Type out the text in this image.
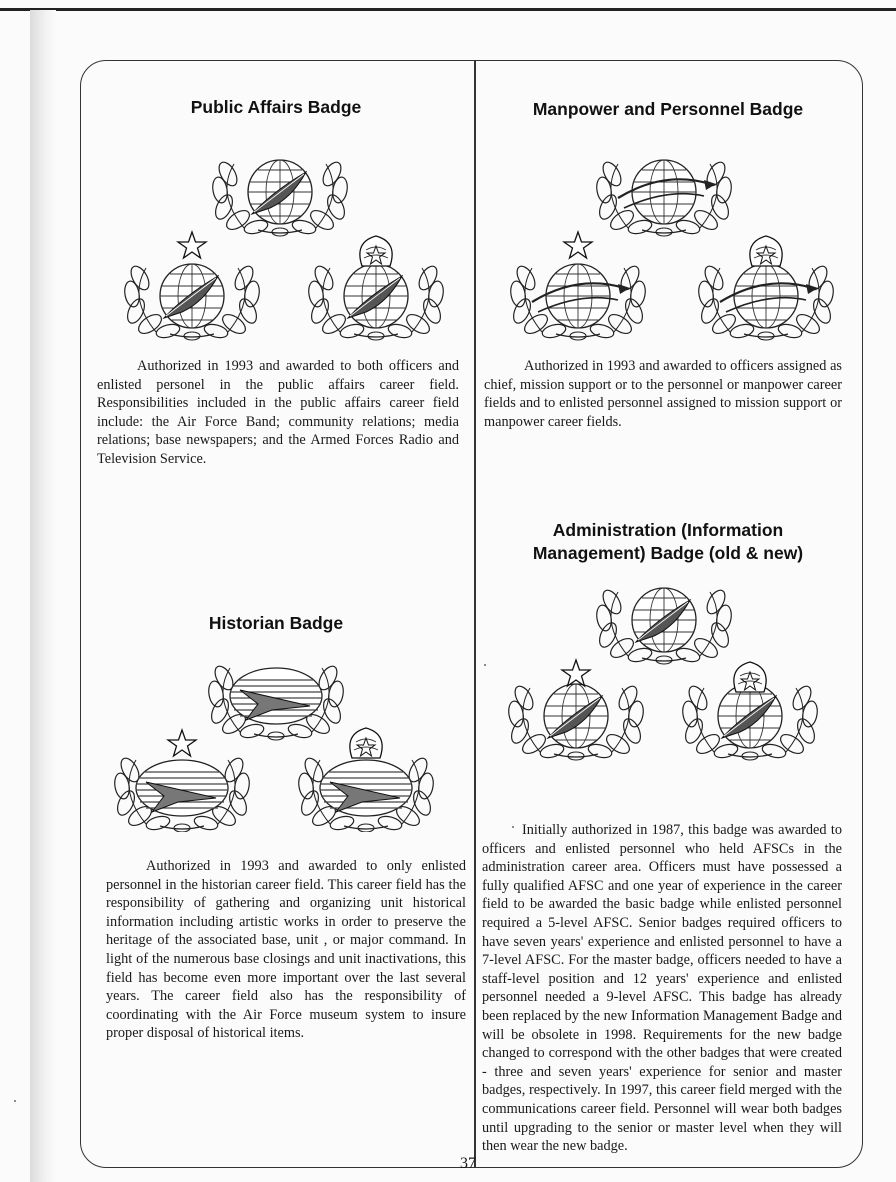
Public Affairs Badge

Authorized in 1993 and awarded to both officers and enlisted personel in the public affairs career field. Responsibilities included in the public affairs career field include: the Air Force Band; community relations; media relations; base newspapers; and the Armed Forces Radio and Television Service.

Manpower and Personnel Badge

Authorized in 1993 and awarded to officers assigned as chief, mission support or to the personnel or manpower career fields and to enlisted personnel assigned to mission support or manpower career fields.

Historian Badge

Authorized in 1993 and awarded to only enlisted personnel in the historian career field. This career field has the responsibility of gathering and organizing unit historical information including artistic works in order to preserve the heritage of the associated base, unit , or major command. In light of the numerous base closings and unit inactivations, this field has become even more important over the last several years. The career field also has the responsibility of coordinating with the Air Force museum system to insure proper disposal of historical items.

Administration (Information
Management) Badge (old & new)

Initially authorized in 1987, this badge was awarded to officers and enlisted personnel who held AFSCs in the administration career area. Officers must have possessed a fully qualified AFSC and one year of experience in the career field to be awarded the basic badge while enlisted personnel required a 5-level AFSC. Senior badges required officers to have seven years' experience and enlisted personnel to have a 7-level AFSC. For the master badge, officers needed to have a staff-level position and 12 years' experience and enlisted personnel needed a 9-level AFSC. This badge has already been replaced by the new Information Management Badge and will be obsolete in 1998. Requirements for the new badge changed to correspond with the other badges that were created - three and seven years' experience for senior and master badges, respectively. In 1997, this career field merged with the communications career field. Personnel will wear both badges until upgrading to the senior or master level when they will then wear the new badge.

37
